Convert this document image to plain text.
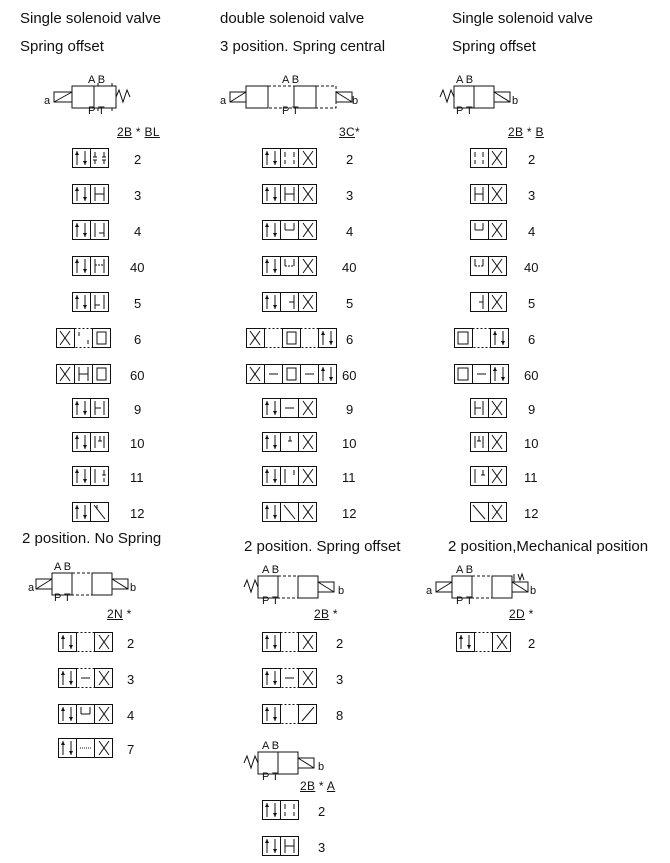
Single solenoid valve
Spring offset
A B
P T
a
2B * BL
2
3
4
40
5
6
60
9
10
11
12
double solenoid valve
3 position. Spring central
A B
P T
a	b
3C*
2
3
4
40
5
6
60
9
10
11
12
Single solenoid valve
Spring offset
A B
P T
b
2B * B
2
3
4
40
5
6
60
9
10
11
12
2 position. No Spring
A B
P T
a	b
2N *
2
3
4
7
2 position. Spring offset
A B
P T
b
2B *
2
3
8
A B
P T
b
2B * A
2
3
2 position,Mechanical position
A B
P T
a	b
2D *
2
